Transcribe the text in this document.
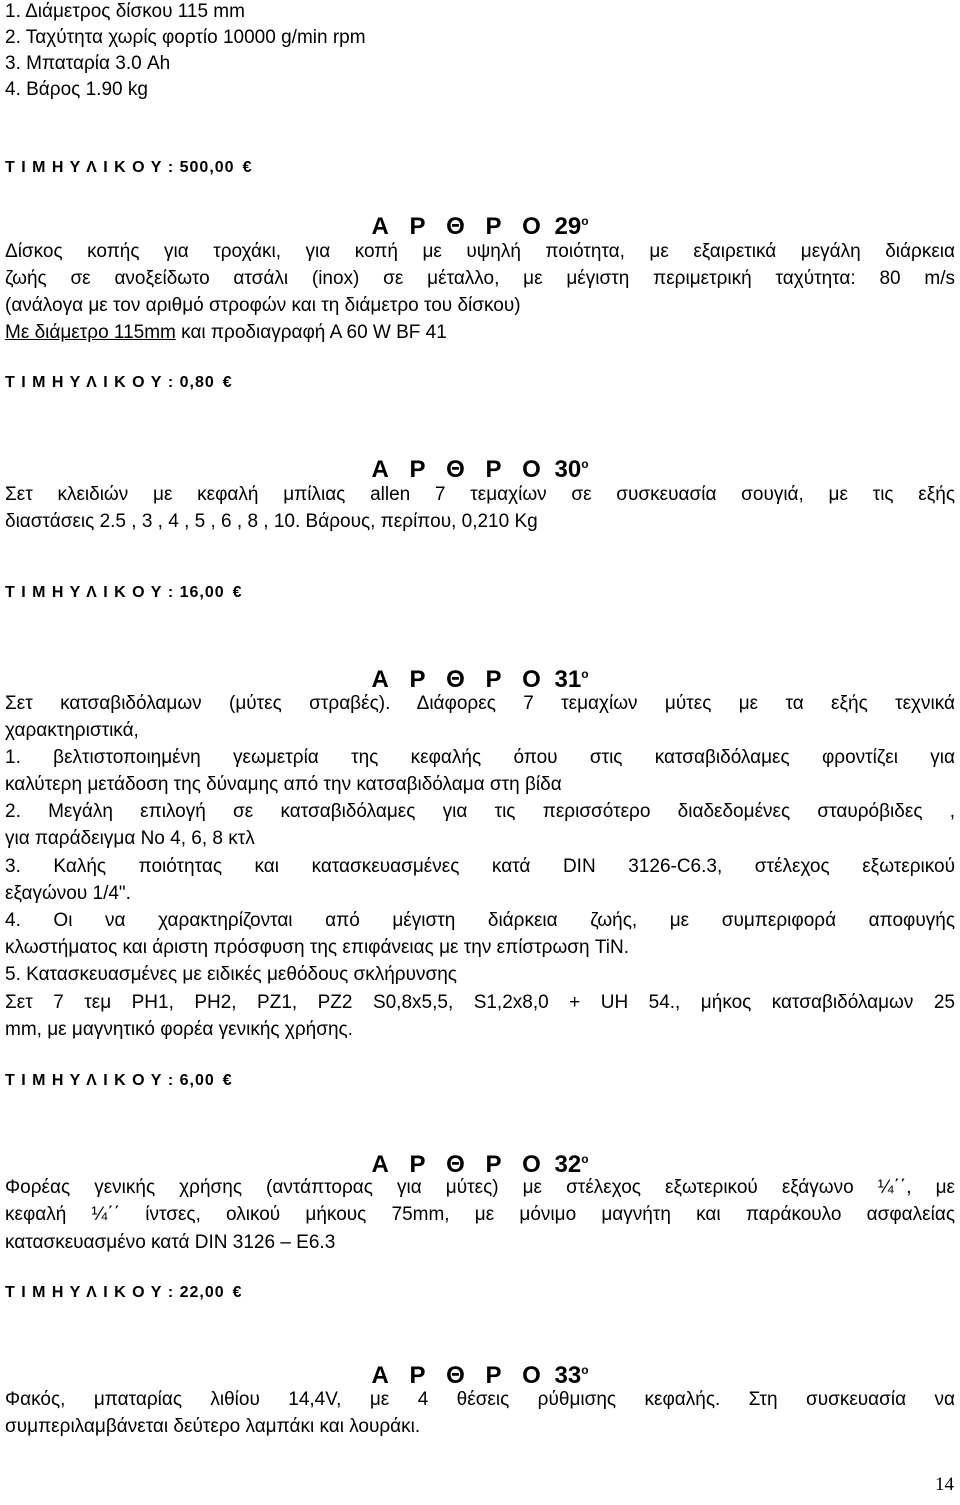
1. Διάμετρος δίσκου 115 mm
2. Ταχύτητα χωρίς φορτίο 10000 g/min rpm
3. Μπαταρία 3.0 Ah
4. Βάρος 1.90 kg
Τ Ι Μ Η Υ Λ Ι Κ Ο Υ : 500,00 €
Α Ρ Θ Ρ Ο $29^o$
Δίσκος κοπής για τροχάκι, για κοπή με υψηλή ποιότητα, με εξαιρετικά μεγάλη διάρκεια
ζωής σε ανοξείδωτο ατσάλι (inox) σε μέταλλο, με μέγιστη περιμετρική ταχύτητα: 80 m/s
(ανάλογα με τον αριθμό στροφών και τη διάμετρο του δίσκου)
Με διάμετρο 115mm και προδιαγραφή Α 60 W BF 41
Τ Ι Μ Η Υ Λ Ι Κ Ο Υ : 0,80 €
Α Ρ Θ Ρ Ο $30^o$
Σετ κλειδιών με κεφαλή μπίλιας allen 7 τεμαχίων σε συσκευασία σουγιά, με τις εξής
διαστάσεις 2.5 , 3 , 4 , 5 , 6 , 8 , 10. Βάρους, περίπου, 0,210 Kg
Τ Ι Μ Η Υ Λ Ι Κ Ο Υ : 16,00 €
Α Ρ Θ Ρ Ο $31^o$
Σετ κατσαβιδόλαμων (μύτες στραβές). Διάφορες 7 τεμαχίων μύτες με τα εξής τεχνικά
χαρακτηριστικά,
1. βελτιστοποιημένη γεωμετρία της κεφαλής όπου στις κατσαβιδόλαμες φροντίζει για
καλύτερη μετάδοση της δύναμης από την κατσαβιδόλαμα στη βίδα
2. Μεγάλη επιλογή σε κατσαβιδόλαμες για τις περισσότερο διαδεδομένες σταυρόβιδες ,
για παράδειγμα Νο 4, 6, 8 κτλ
3. Καλής ποιότητας και κατασκευασμένες κατά DIN 3126-C6.3, στέλεχος εξωτερικού
εξαγώνου 1/4".
4. Οι να χαρακτηρίζονται από μέγιστη διάρκεια ζωής, με συμπεριφορά αποφυγής
κλωστήματος και άριστη πρόσφυση της επιφάνειας με την επίστρωση TiN.
5. Κατασκευασμένες με ειδικές μεθόδους σκλήρυνσης
Σετ 7 τεμ PH1, PH2, PZ1, PZ2 S0,8x5,5, S1,2x8,0 + UH 54., μήκος κατσαβιδόλαμων 25
mm, με μαγνητικό φορέα γενικής χρήσης.
Τ Ι Μ Η Υ Λ Ι Κ Ο Υ : 6,00 €
Α Ρ Θ Ρ Ο $32^o$
Φορέας γενικής χρήσης (αντάπτορας για μύτες) με στέλεχος εξωτερικού εξάγωνο ¼΄΄, με
κεφαλή ¼΄΄ ίντσες, ολικού μήκους 75mm, με μόνιμο μαγνήτη και παράκουλο ασφαλείας
κατασκευασμένο κατά DIN 3126 – E6.3
Τ Ι Μ Η Υ Λ Ι Κ Ο Υ : 22,00 €
Α Ρ Θ Ρ Ο $33^o$
Φακός, μπαταρίας λιθίου 14,4V, με 4 θέσεις ρύθμισης κεφαλής. Στη συσκευασία να
συμπεριλαμβάνεται δεύτερο λαμπάκι και λουράκι.
14
